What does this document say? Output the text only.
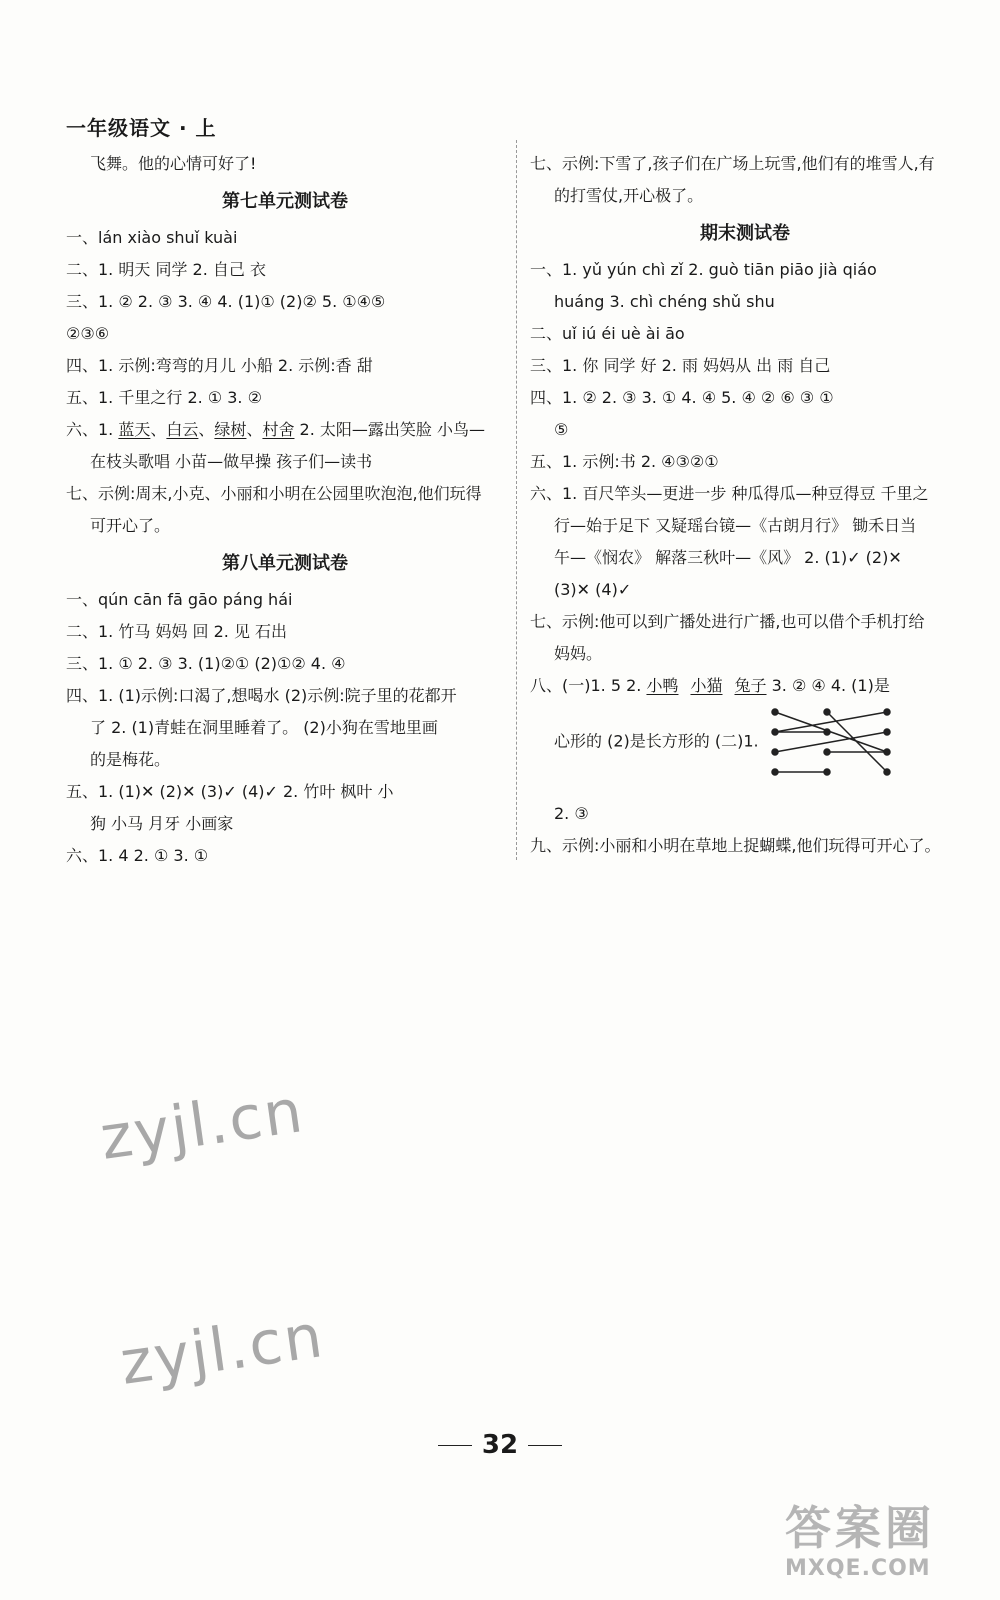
一年级语文 · 上
飞舞。他的心情可好了!
第七单元测试卷
一、lán xiào shuǐ kuài
二、1. 明天 同学 2. 自己 衣
三、1. ② 2. ③ 3. ④ 4. (1)① (2)② 5. ①④⑤
②③⑥
四、1. 示例:弯弯的月儿 小船 2. 示例:香 甜
五、1. 千里之行 2. ① 3. ②
六、1. 蓝天、白云、绿树、村舍 2. 太阳—露出笑脸 小鸟—
在枝头歌唱 小苗—做早操 孩子们—读书
七、示例:周末,小克、小丽和小明在公园里吹泡泡,他们玩得
可开心了。
第八单元测试卷
一、qún cān fā gāo páng hái
二、1. 竹马 妈妈 回 2. 见 石出
三、1. ① 2. ③ 3. (1)②① (2)①② 4. ④
四、1. (1)示例:口渴了,想喝水 (2)示例:院子里的花都开
了 2. (1)青蛙在洞里睡着了。 (2)小狗在雪地里画
的是梅花。
五、1. (1)✕ (2)✕ (3)✓ (4)✓ 2. 竹叶 枫叶 小
狗 小马 月牙 小画家
六、1. 4 2. ① 3. ①
七、示例:下雪了,孩子们在广场上玩雪,他们有的堆雪人,有
的打雪仗,开心极了。
期末测试卷
一、1. yǔ yún chì zǐ 2. guò tiān piāo jià qiáo
huáng 3. chì chéng shǔ shu
二、uǐ iú éi uè ài āo
三、1. 你 同学 好 2. 雨 妈妈从 出 雨 自己
四、1. ② 2. ③ 3. ① 4. ④ 5. ④ ② ⑥ ③ ①
⑤
五、1. 示例:书 2. ④③②①
六、1. 百尺竿头—更进一步 种瓜得瓜—种豆得豆 千里之
行—始于足下 又疑瑶台镜—《古朗月行》 锄禾日当
午—《悯农》 解落三秋叶—《风》 2. (1)✓ (2)✕
(3)✕ (4)✓
七、示例:他可以到广播处进行广播,也可以借个手机打给
妈妈。
八、(一)1. 5 2. 小鸭 小猫 兔子 3. ② ④ 4. (1)是
心形的 (2)是长方形的 (二)1.
2. ③
九、示例:小丽和小明在草地上捉蝴蝶,他们玩得可开心了。
zyjl.cn
zyjl.cn
32
答案圈
MXQE.COM
